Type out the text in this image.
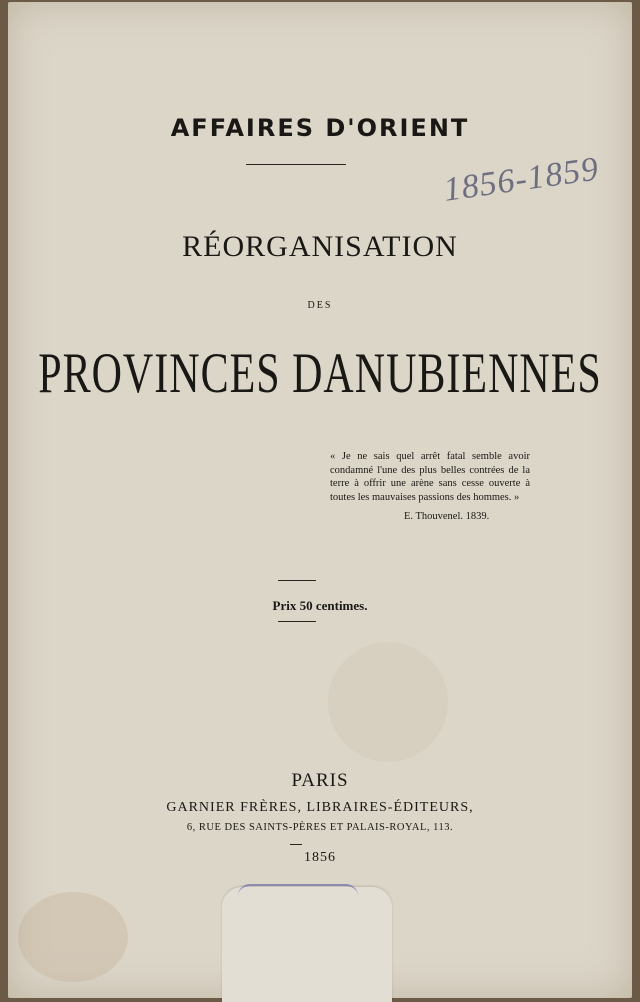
AFFAIRES D'ORIENT
1856-1859
RÉORGANISATION
DES
PROVINCES DANUBIENNES
« Je ne sais quel arrêt fatal semble avoir condamné l'une des plus belles contrées de la terre à offrir une arène sans cesse ouverte à toutes les mauvaises passions des hommes. »
E. Thouvenel. 1839.
Prix 50 centimes.
PARIS
GARNIER FRÈRES, LIBRAIRES-ÉDITEURS,
6, RUE DES SAINTS-PÈRES ET PALAIS-ROYAL, 113.
1856
